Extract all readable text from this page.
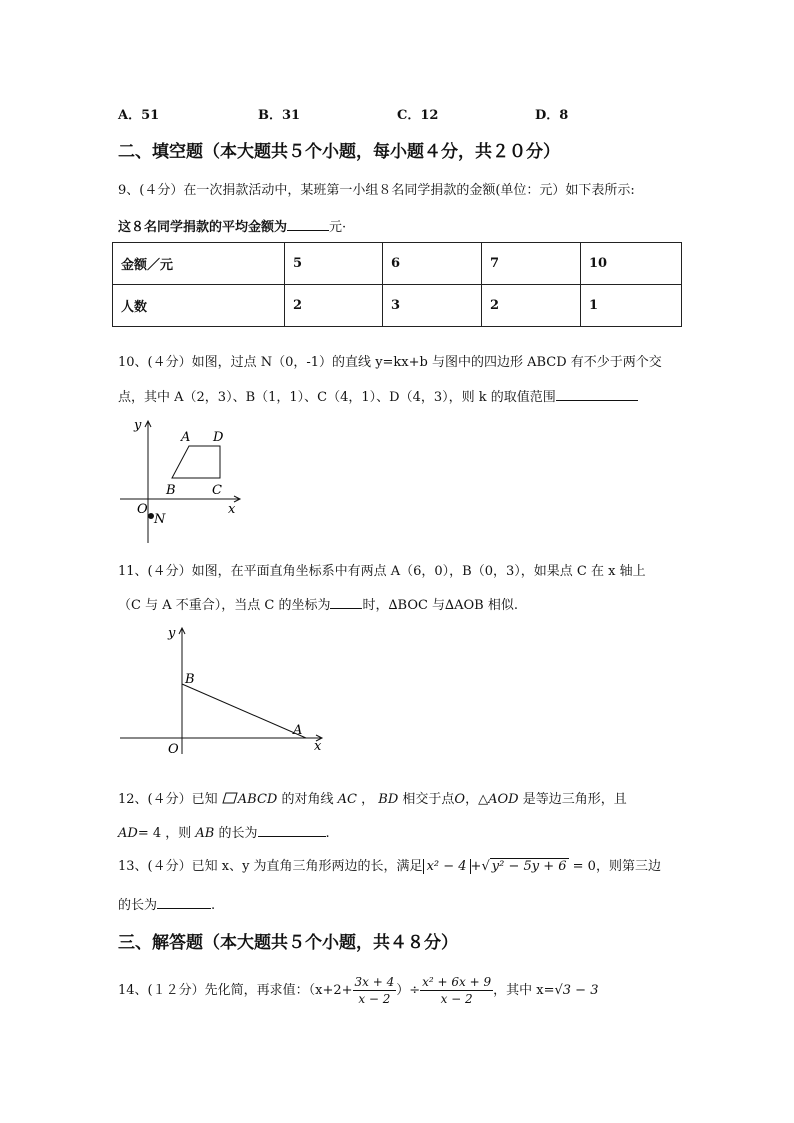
A．51	B．31	C．12	D．8
二、填空题（本大题共５个小题，每小题４分，共２０分）
9、(４分）在一次捐款活动中，某班第一小组８名同学捐款的金额(单位：元）如下表所示:
这８名同学捐款的平均金额为	元·
金额／元	5	6	7	10
人数	2	3	2	1
10、(４分）如图，过点 N（0，-1）的直线 y=kx+b 与图中的四边形 ABCD 有不少于两个交
点，其中 A（2，3）、B（1，1）、C（4，1）、D（4，3），则 k 的取值范围
y
x
O
N
A D
B	C
11、(４分）如图，在平面直角坐标系中有两点 A（6，0），B（0，3），如果点 C 在 x 轴上
（C 与 A 不重合），当点 C 的坐标为 时，∆BOC 与∆AOB 相似.
y
x
O
B
A
12、(４分）已知 ABCD 的对角线 AC ， BD 相交于点O，△AOD 是等边三角形，且
AD= 4 ，则 AB 的长为	.
13、(４分）已知 x、y 为直角三角形两边的长，满足 x² − 4 +√ y² − 5y + 6 = 0，则第三边
的长为	.
三、解答题（本大题共５个小题，共４８分）
14、(１２分）先化简，再求值：（$x+2+ \frac{3x + 4}{x - 2}$ ）÷ $\frac{\text{x² + 6x + 9}}{x - 2}$ ，其中 x=√3 − 3
